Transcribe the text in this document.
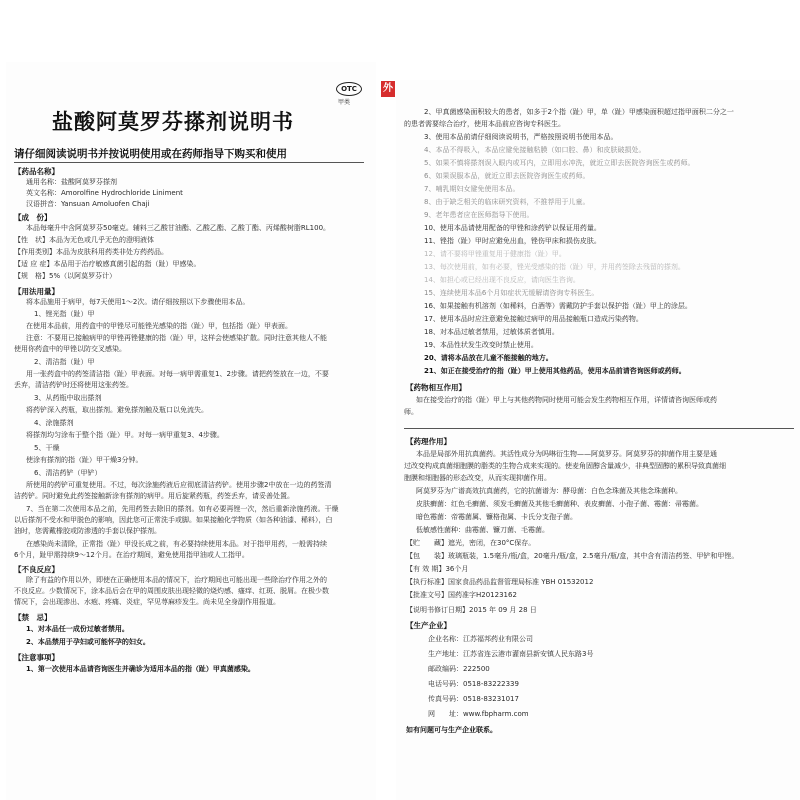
OTC
甲类
外
盐酸阿莫罗芬搽剂说明书
请仔细阅读说明书并按说明使用或在药师指导下购买和使用
【药品名称】
通用名称：盐酸阿莫罗芬搽剂
英文名称：Amorolfine Hydrochloride Liniment
汉语拼音：Yansuan Amoluofen Chaji
【成　份】
本品每毫升中含阿莫罗芬50毫克。辅料三乙酸甘油酯、乙酸乙酯、乙酸丁酯、丙烯酸树脂RL100。
【性　状】本品为无色或几乎无色的澄明液体
【作用类别】本品为皮肤科用药类非处方药药品。
【适 应 症】本品用于治疗敏感真菌引起的指（趾）甲感染。
【规　格】5%（以阿莫罗芬计）
【用法用量】
将本品施用于病甲，每7天使用1～2次。请仔细按照以下步骤使用本品。
1、锉光指（趾）甲
在使用本品前，用药盒中的甲锉尽可能锉光感染的指（趾）甲，包括指（趾）甲表面。
注意：不要用已接触病甲的甲锉再锉健康的指（趾）甲，这样会使感染扩散。同时注意其他人不能
使用你药盒中的甲锉以防交叉感染。
2、清洁指（趾）甲
用一张药盒中的药签清洁指（趾）甲表面。对每一病甲需重复1、2步骤。请把药签放在一边，不要
丢弃，清洁药铲时还将使用这张药签。
3、从药瓶中取出搽剂
将药铲深入药瓶，取出搽剂。避免搽剂触及瓶口以免流失。
4、涂施搽剂
将搽剂均匀涂布于整个指（趾）甲。对每一病甲重复3、4步骤。
5、干燥
使涂有搽剂的指（趾）甲干燥3分钟。
6、清洁药铲（甲铲）
所使用的药铲可重复使用。不过，每次涂施药液后应彻底清洁药铲。使用步骤2中放在一边的药签清
洁药铲。同时避免此药签接触新涂有搽剂的病甲。用后旋紧药瓶，药签丢弃，请妥善处置。
7、当在第二次使用本品之前，先用药签去除旧的搽剂。如有必要再锉一次，然后重新涂施药液。干燥
以后搽剂不受水和甲脱色的影响，因此您可正常洗手或脚。如果接触化学物质（如各种油漆、稀料），白
油时，您需戴橡胶或防渗透的手套以保护搽剂。
在感染尚未清除，正常指（趾）甲没长成之前，有必要持续使用本品。对于指甲用药，一般需持续
6个月，趾甲需持续9～12个月。在治疗期间，避免使用指甲油或人工指甲。
【不良反应】
除了有益的作用以外，即使在正确使用本品的情况下，治疗期间也可能出现一些除治疗作用之外的
不良反应。少数情况下，涂本品后会在甲的周围皮肤出现轻微的烧灼感、瘙痒、红斑、脱屑。在极少数
情况下，会出现渗出、水疱、疼痛、炎症，罕见荨麻疹发生。尚未见全身副作用报道。
【禁　忌】
1、对本品任一成份过敏者禁用。
2、本品禁用于孕妇或可能怀孕的妇女。
【注意事项】
1、第一次使用本品请咨询医生并确诊为适用本品的指（趾）甲真菌感染。
2、甲真菌感染面积较大的患者，如多于2个指（趾）甲，单（趾）甲感染面积超过指甲面积二分之一
的患者需要综合治疗，使用本品前应咨询专科医生。
3、使用本品前请仔细阅读说明书，严格按照说明书使用本品。
4、本品不得吸入，本品应避免接触粘膜（如口腔、鼻）和皮肤破损处。
5、如果不慎将搽剂误入眼内或耳内，立即用水冲洗，就近立即去医院咨询医生或药师。
6、如果误服本品，就近立即去医院咨询医生或药师。
7、哺乳期妇女避免使用本品。
8、由于缺乏相关的临床研究资料，不推荐用于儿童。
9、老年患者应在医师指导下使用。
10、使用本品请使用配备的甲锉和涂药铲以保证用药量。
11、锉指（趾）甲时应避免出血，锉伤甲床和损伤皮肤。
12、请不要将甲锉重复用于健康指（趾）甲。
13、每次使用前，如有必要，锉光受感染的指（趾）甲，并用药签除去残留的搽剂。
14、如担心或已经出现不良反应，请向医生咨询。
15、连续使用本品6个月如症状无缓解请咨询专科医生。
16、如果接触有机溶剂（如稀料，白酒等）需戴防护手套以保护指（趾）甲上的涂层。
17、使用本品时应注意避免接触过病甲的用品接触瓶口造成污染药物。
18、对本品过敏者禁用，过敏体质者慎用。
19、本品性状发生改变时禁止使用。
20、请将本品放在儿童不能接触的地方。
21、如正在接受治疗的指（趾）甲上使用其他药品，使用本品前请咨询医师或药师。
【药物相互作用】
如在接受治疗的指（趾）甲上与其他药物同时使用可能会发生药物相互作用，详情请咨询医师或药
师。
【药理作用】
本品是局部外用抗真菌药。其活性成分为吗啉衍生物——阿莫罗芬。阿莫罗芬的抑菌作用主要是通
过改变构成真菌细胞膜的脂类的生物合成来实现的。使麦角固醇含量减少，非典型固醇的累积导致真菌细
胞膜和细胞器的形态改变，从而实现抑菌作用。
阿莫罗芬为广谱高效抗真菌药，它的抗菌谱为：酵母菌：白色念珠菌及其他念珠菌种。
皮肤癣菌：红色毛癣菌、须发毛癣菌及其他毛癣菌种、表皮癣菌、小孢子菌、霉菌：帚霉菌。
暗色霉菌：帝霉菌属、镰格孢属、卡氏分支孢子菌。
低敏感性菌种：曲霉菌、镰刀菌、毛霉菌。
【贮　　藏】遮光，密闭，在30°C保存。
【包　　装】玻璃瓶装，1.5毫升/瓶/盒，20毫升/瓶/盒，2.5毫升/瓶/盒，其中含有清洁药签、甲铲和甲锉。
【有 效 期】36个月
【执行标准】国家食品药品监督管理局标准 YBH 01532012
【批准文号】国药准字H20123162
【说明书修订日期】2015 年 09 月 28 日
【生产企业】
企业名称：江苏福邦药业有限公司
生产地址：江苏省连云港市灌南县新安镇人民东路3号
邮政编码：222500
电话号码：0518-83222339
传真号码：0518-83231017
网　　址：www.fbpharm.com
如有问题可与生产企业联系。
